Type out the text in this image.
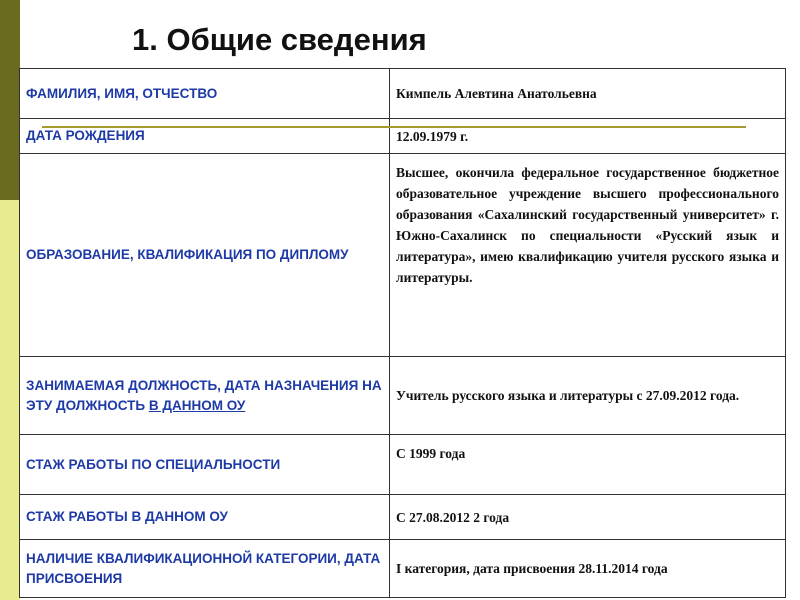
1. Общие сведения
ФАМИЛИЯ, ИМЯ, ОТЧЕСТВО	Кимпель Алевтина Анатольевна
ДАТА РОЖДЕНИЯ	12.09.1979 г.
ОБРАЗОВАНИЕ, КВАЛИФИКАЦИЯ ПО ДИПЛОМУ	Высшее, окончила федеральное государственное бюджетное образовательное учреждение высшего профессионального образования «Сахалинский государственный университет» г. Южно-Сахалинск по специальности «Русский язык и литература», имею квалификацию учителя русского языка и литературы.
ЗАНИМАЕМАЯ ДОЛЖНОСТЬ, ДАТА НАЗНАЧЕНИЯ НА ЭТУ ДОЛЖНОСТЬ В ДАННОМ ОУ	Учитель русского языка и литературы с 27.09.2012 года.
СТАЖ РАБОТЫ ПО СПЕЦИАЛЬНОСТИ	С 1999 года
СТАЖ РАБОТЫ В ДАННОМ ОУ	С 27.08.2012 2 года
НАЛИЧИЕ КВАЛИФИКАЦИОННОЙ КАТЕГОРИИ, ДАТА ПРИСВОЕНИЯ	I категория, дата присвоения 28.11.2014 года
